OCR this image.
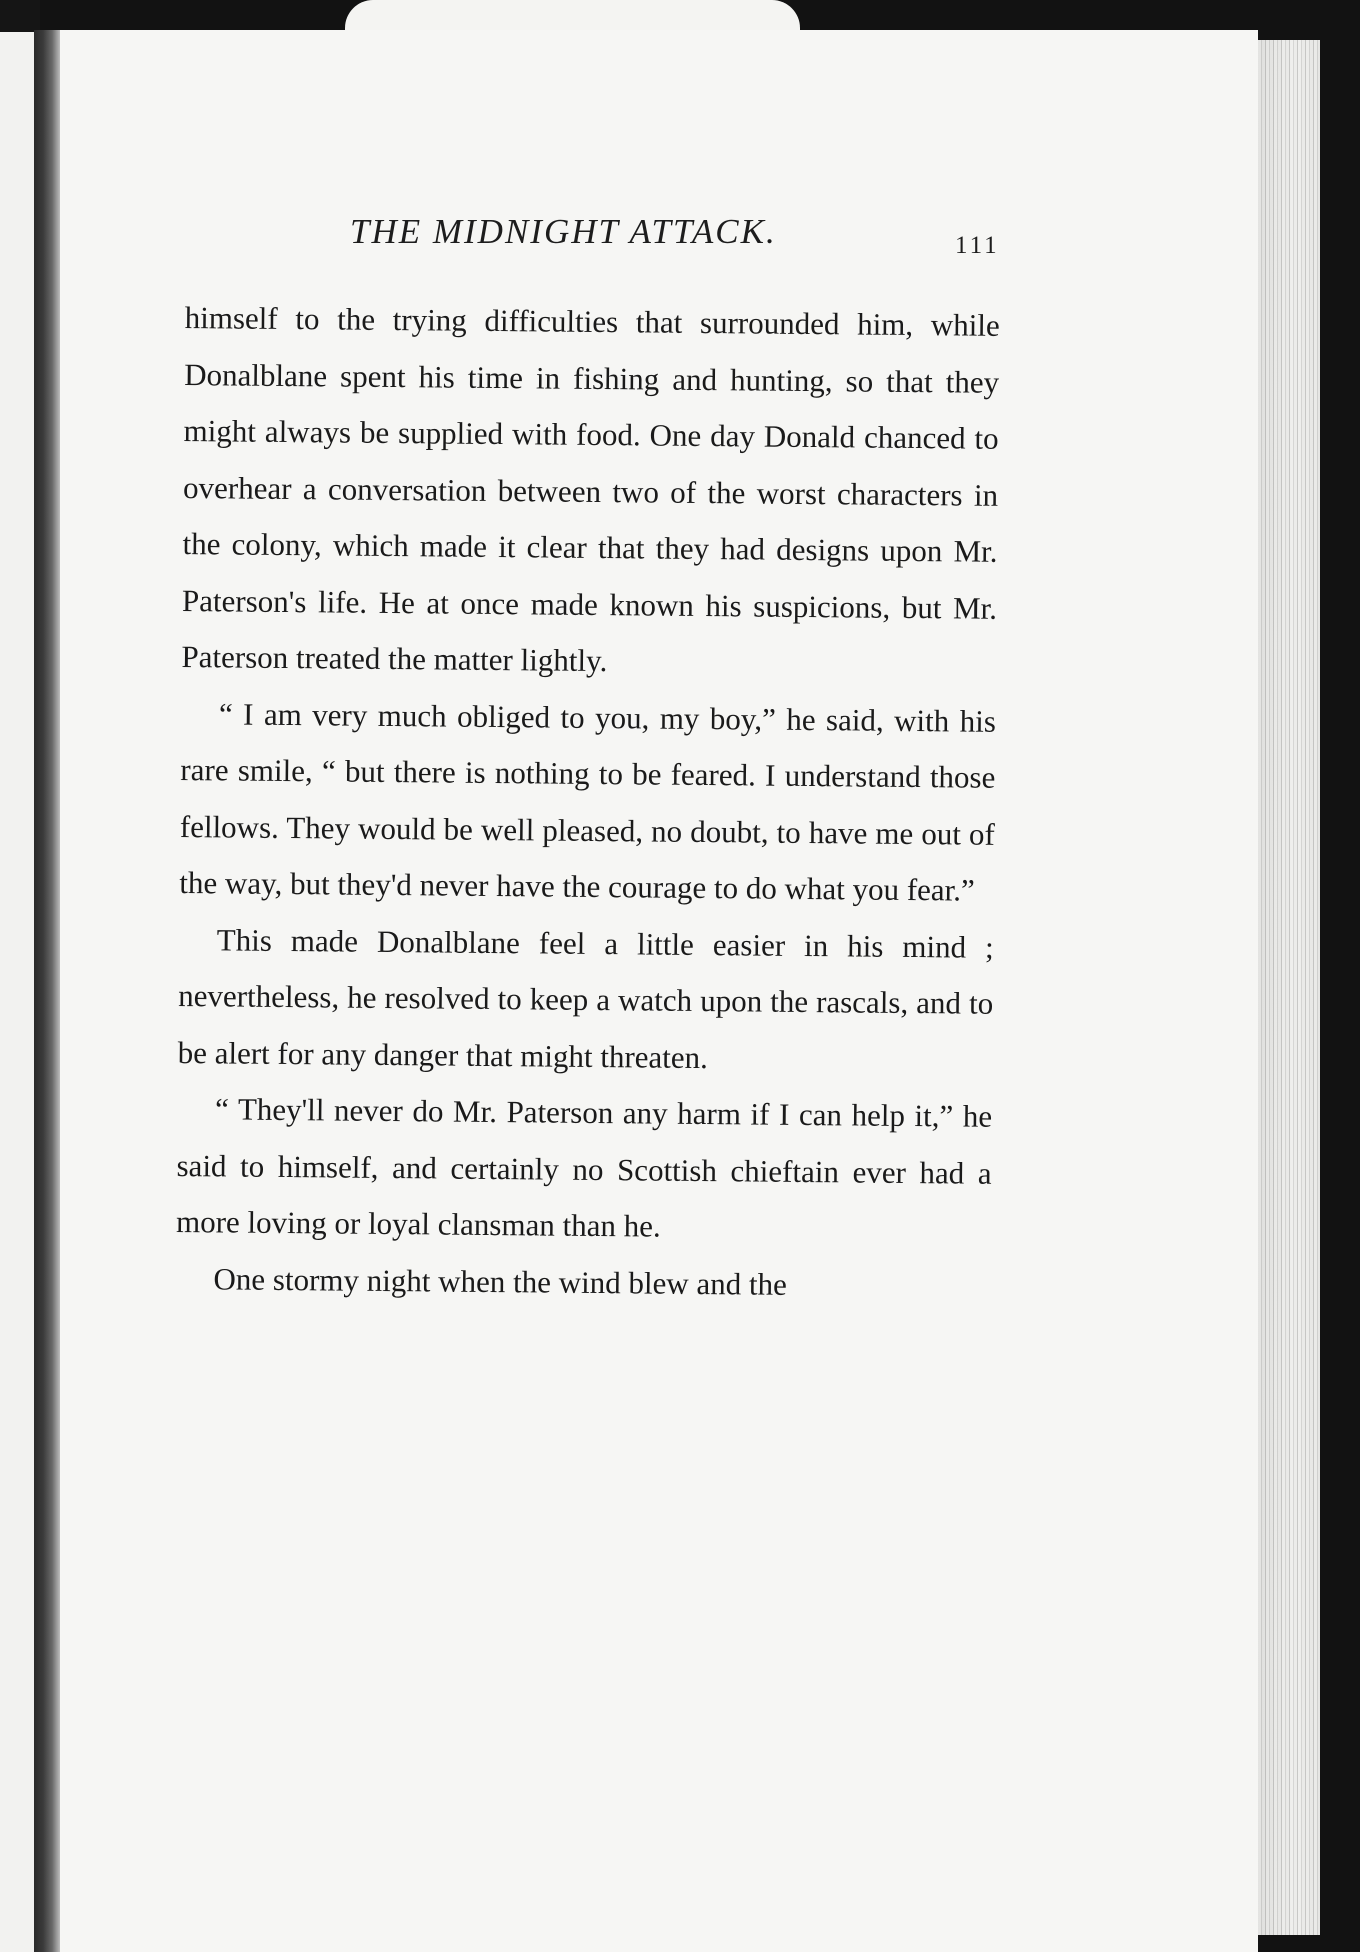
THE MIDNIGHT ATTACK.	111

himself to the trying difficulties that surrounded him, while Donalblane spent his time in fishing and hunting, so that they might always be supplied with food. One day Donald chanced to overhear a conversation between two of the worst characters in the colony, which made it clear that they had designs upon Mr. Paterson's life. He at once made known his suspicions, but Mr. Paterson treated the matter lightly.

“ I am very much obliged to you, my boy,” he said, with his rare smile, “ but there is nothing to be feared. I understand those fellows. They would be well pleased, no doubt, to have me out of the way, but they'd never have the courage to do what you fear.”

This made Donalblane feel a little easier in his mind ; nevertheless, he resolved to keep a watch upon the rascals, and to be alert for any danger that might threaten.

“ They'll never do Mr. Paterson any harm if I can help it,” he said to himself, and certainly no Scottish chieftain ever had a more loving or loyal clansman than he.

One stormy night when the wind blew and the
